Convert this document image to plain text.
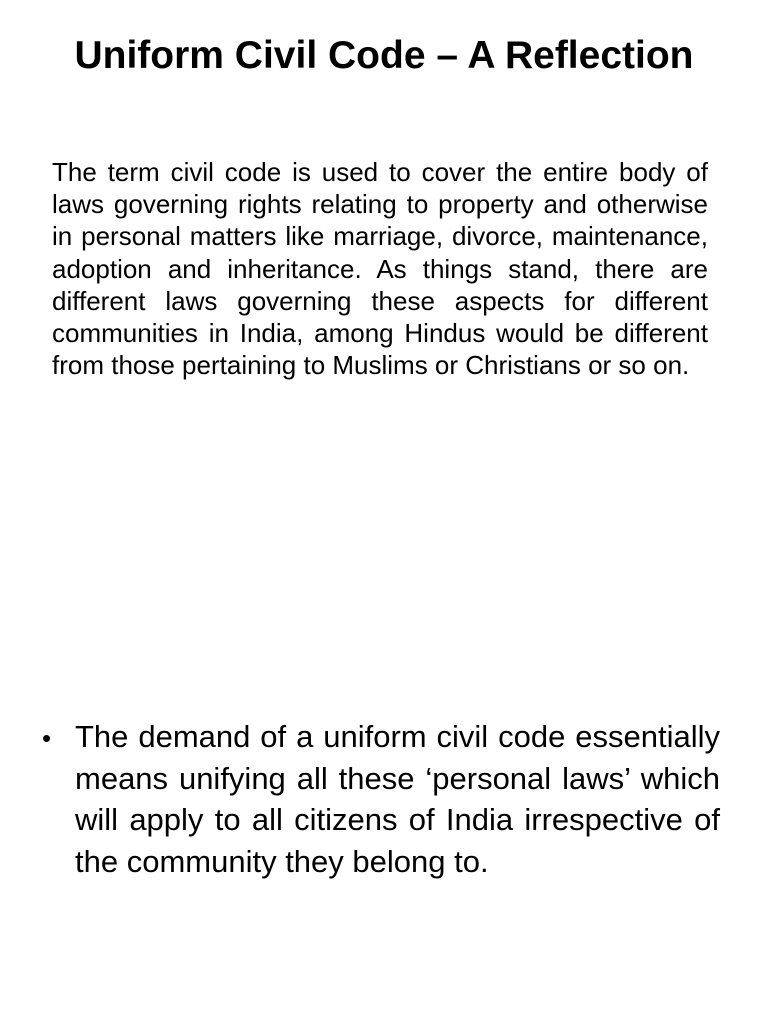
Uniform Civil Code – A Reflection

The term civil code is used to cover the entire body of laws governing rights relating to property and otherwise in personal matters like marriage, divorce, maintenance, adoption and inheritance. As things stand, there are different laws governing these aspects for different communities in India, among Hindus would be different from those pertaining to Muslims or Christians or so on.

• The demand of a uniform civil code essentially means unifying all these ‘personal laws’ which will apply to all citizens of India irrespective of the community they belong to.
